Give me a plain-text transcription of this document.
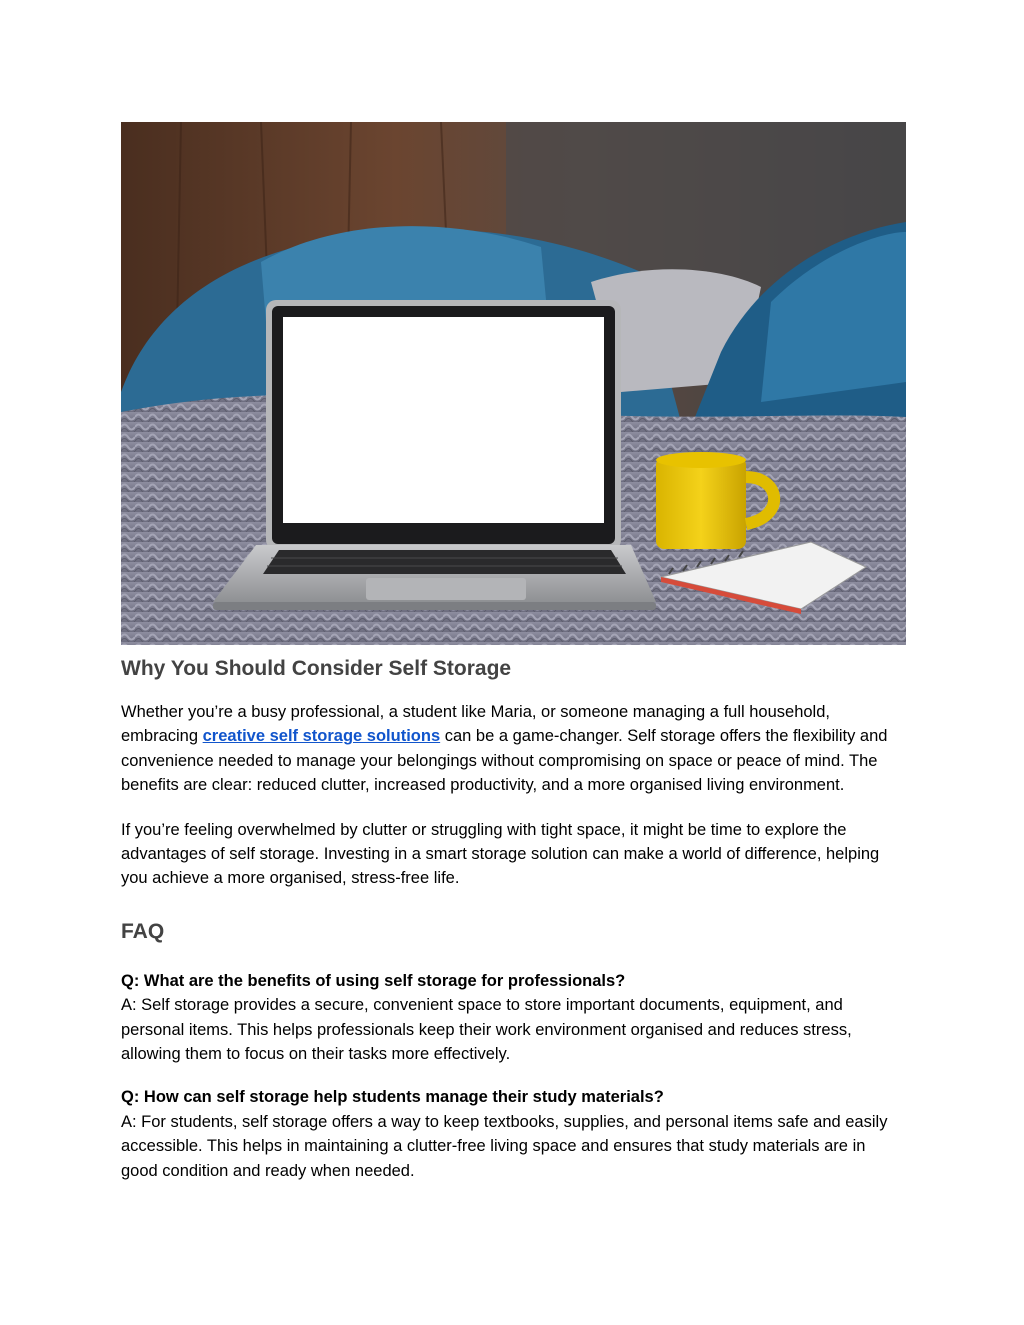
Why You Should Consider Self Storage

Whether you’re a busy professional, a student like Maria, or someone managing a full household, embracing creative self storage solutions can be a game-changer. Self storage offers the flexibility and convenience needed to manage your belongings without compromising on space or peace of mind. The benefits are clear: reduced clutter, increased productivity, and a more organised living environment.

If you’re feeling overwhelmed by clutter or struggling with tight space, it might be time to explore the advantages of self storage. Investing in a smart storage solution can make a world of difference, helping you achieve a more organised, stress-free life.

FAQ
Q: What are the benefits of using self storage for professionals?
A: Self storage provides a secure, convenient space to store important documents, equipment, and personal items. This helps professionals keep their work environment organised and reduces stress, allowing them to focus on their tasks more effectively.
Q: How can self storage help students manage their study materials?
A: For students, self storage offers a way to keep textbooks, supplies, and personal items safe and easily accessible. This helps in maintaining a clutter-free living space and ensures that study materials are in good condition and ready when needed.
